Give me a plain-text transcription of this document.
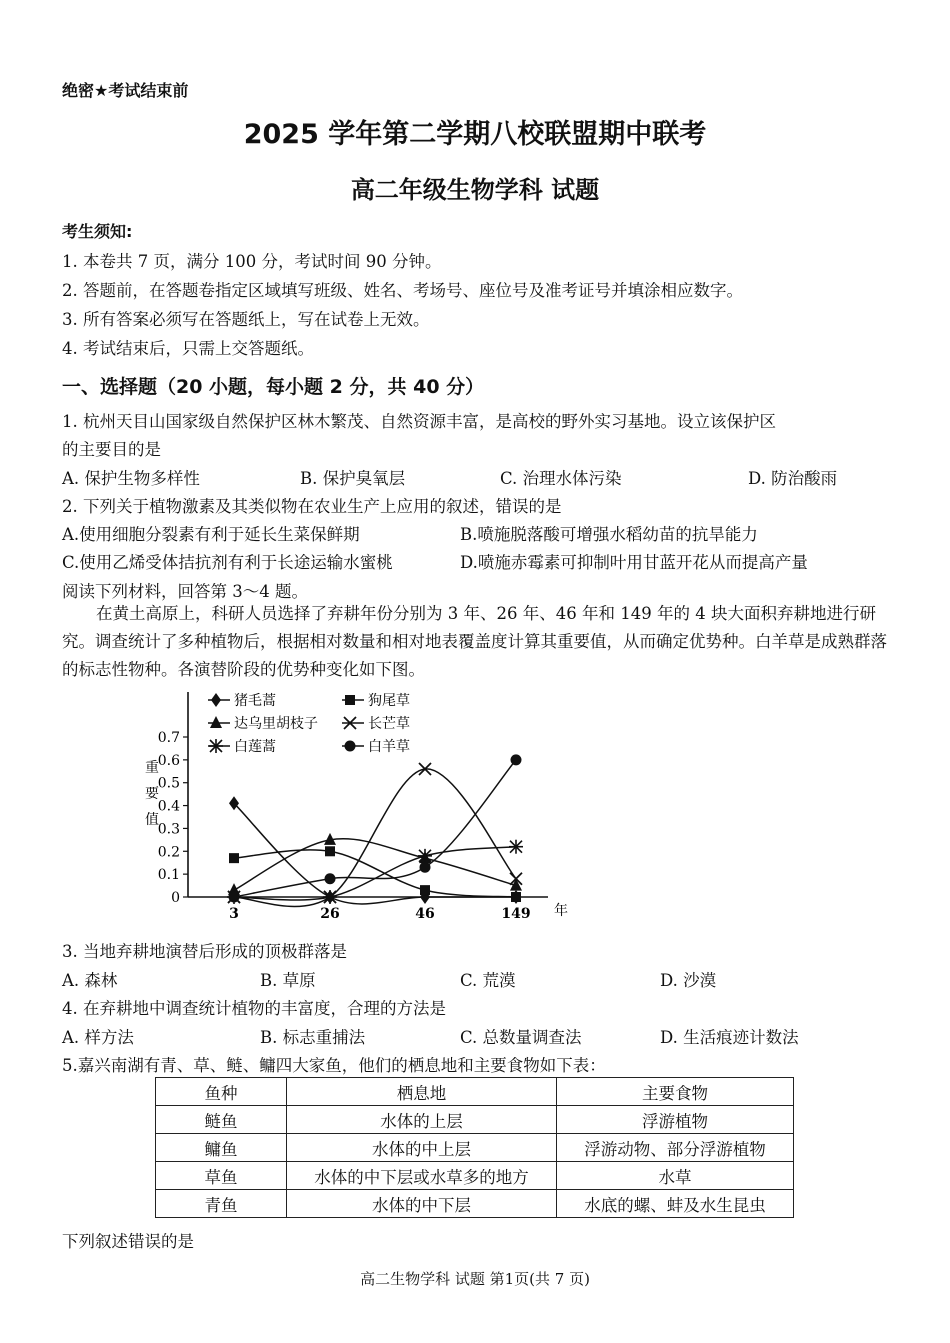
绝密★考试结束前
2025 学年第二学期八校联盟期中联考
高二年级生物学科 试题
考生须知:
1. 本卷共 7 页，满分 100 分，考试时间 90 分钟。
2. 答题前，在答题卷指定区域填写班级、姓名、考场号、座位号及准考证号并填涂相应数字。
3. 所有答案必须写在答题纸上，写在试卷上无效。
4. 考试结束后，只需上交答题纸。
一、选择题（20 小题，每小题 2 分，共 40 分）
1. 杭州天目山国家级自然保护区林木繁茂、自然资源丰富，是高校的野外实习基地。设立该保护区
的主要目的是
A. 保护生物多样性	B. 保护臭氧层	C. 治理水体污染	D. 防治酸雨
2. 下列关于植物激素及其类似物在农业生产上应用的叙述，错误的是
A.使用细胞分裂素有利于延长生菜保鲜期	B.喷施脱落酸可增强水稻幼苗的抗旱能力
C.使用乙烯受体拮抗剂有利于长途运输水蜜桃	D.喷施赤霉素可抑制叶用甘蓝开花从而提高产量
阅读下列材料，回答第 3～4 题。
在黄土高原上，科研人员选择了弃耕年份分别为 3 年、26 年、46 年和 149 年的 4 块大面积弃耕地进行研究。调查统计了多种植物后，根据相对数量和相对地表覆盖度计算其重要值，从而确定优势种。白羊草是成熟群落的标志性物种。各演替阶段的优势种变化如下图。
猪毛蒿	狗尾草
达乌里胡枝子	长芒草
白莲蒿	白羊草
重
要
值
0
0.1
0.2
0.3
0.4
0.5
0.6
0.7
3	26	46	149 年
3. 当地弃耕地演替后形成的顶极群落是
A. 森林	B. 草原	C. 荒漠	D. 沙漠
4. 在弃耕地中调查统计植物的丰富度，合理的方法是
A. 样方法	B. 标志重捕法	C. 总数量调查法	D. 生活痕迹计数法
5.嘉兴南湖有青、草、鲢、鳙四大家鱼，他们的栖息地和主要食物如下表：
鱼种	栖息地	主要食物
鲢鱼	水体的上层	浮游植物
鳙鱼	水体的中上层	浮游动物、部分浮游植物
草鱼	水体的中下层或水草多的地方	水草
青鱼	水体的中下层	水底的螺、蚌及水生昆虫
下列叙述错误的是
高二生物学科 试题 第1页(共 7 页)
